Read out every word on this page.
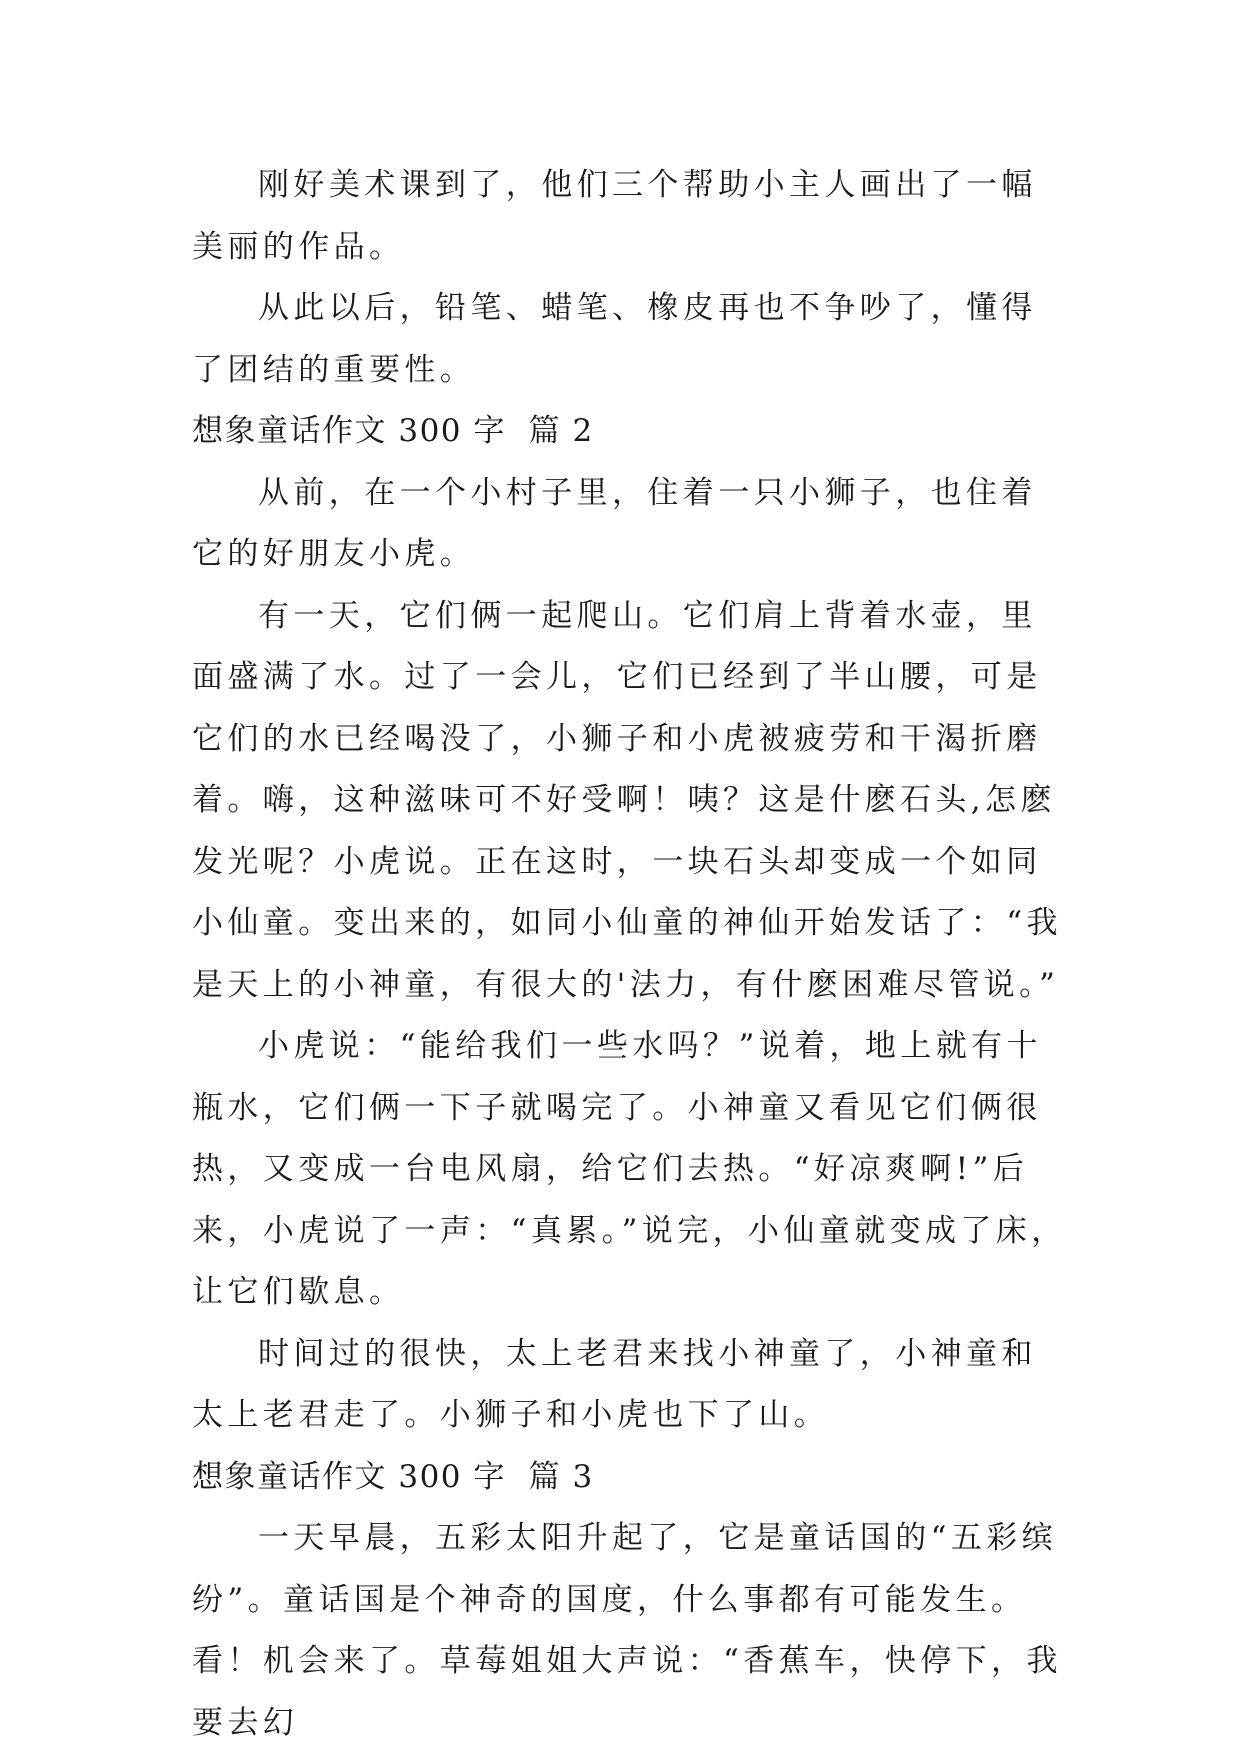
刚好美术课到了，他们三个帮助小主人画出了一幅美丽的作品。

从此以后，铅笔、蜡笔、橡皮再也不争吵了，懂得了团结的重要性。

想象童话作文 300 字  篇 2

从前，在一个小村子里，住着一只小狮子，也住着它的好朋友小虎。

有一天，它们俩一起爬山。它们肩上背着水壶，里面盛满了水。过了一会儿，它们已经到了半山腰，可是它们的水已经喝没了，小狮子和小虎被疲劳和干渴折磨着。嗨，这种滋味可不好受啊！咦？这是什麽石头,怎麽发光呢？小虎说。正在这时，一块石头却变成一个如同小仙童。变出来的，如同小仙童的神仙开始发话了：“我是天上的小神童，有很大的'法力，有什麽困难尽管说。”

小虎说：“能给我们一些水吗？”说着，地上就有十瓶水，它们俩一下子就喝完了。小神童又看见它们俩很热，又变成一台电风扇，给它们去热。“好凉爽啊!”后来，小虎说了一声：“真累。”说完，小仙童就变成了床，让它们歇息。

时间过的很快，太上老君来找小神童了，小神童和太上老君走了。小狮子和小虎也下了山。

想象童话作文 300 字  篇 3

一天早晨，五彩太阳升起了，它是童话国的“五彩缤纷”。童话国是个神奇的国度，什么事都有可能发生。看！机会来了。草莓姐姐大声说：“香蕉车，快停下，我要去幻
